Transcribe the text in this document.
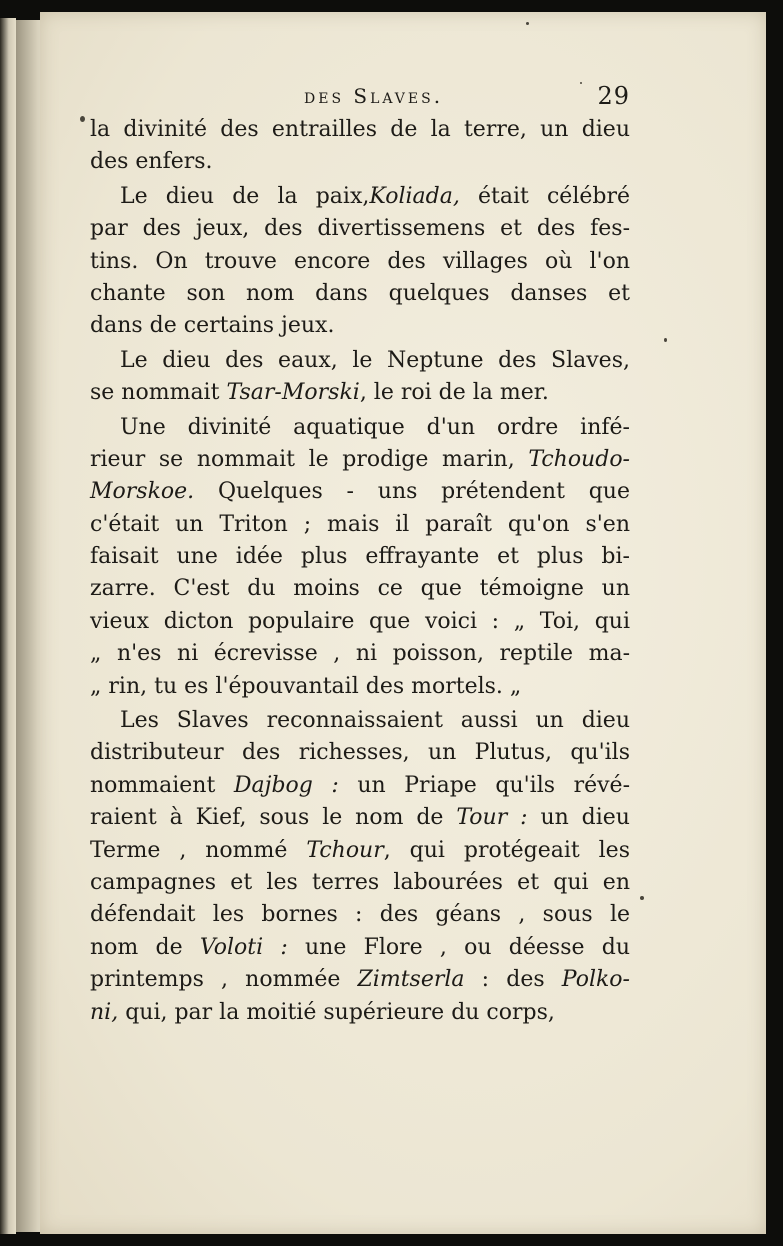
des Slaves.	29
la divinité des entrailles de la terre, un dieu
des enfers.
Le dieu de la paix,Koliada, était célébré
par des jeux, des divertissemens et des fes-
tins. On trouve encore des villages où l'on
chante son nom dans quelques danses et
dans de certains jeux.
Le dieu des eaux, le Neptune des Slaves,
se nommait Tsar-Morski, le roi de la mer.
Une divinité aquatique d'un ordre infé-
rieur se nommait le prodige marin, Tchoudo-
Morskoe. Quelques - uns prétendent que
c'était un Triton ; mais il paraît qu'on s'en
faisait une idée plus effrayante et plus bi-
zarre. C'est du moins ce que témoigne un
vieux dicton populaire que voici : „ Toi, qui
„ n'es ni écrevisse , ni poisson, reptile ma-
„ rin, tu es l'épouvantail des mortels. „
Les Slaves reconnaissaient aussi un dieu
distributeur des richesses, un Plutus, qu'ils
nommaient Dajbog : un Priape qu'ils révé-
raient à Kief, sous le nom de Tour : un dieu
Terme , nommé Tchour, qui protégeait les
campagnes et les terres labourées et qui en
défendait les bornes : des géans , sous le
nom de Voloti : une Flore , ou déesse du
printemps , nommée Zimtserla : des Polko-
ni, qui, par la moitié supérieure du corps,
